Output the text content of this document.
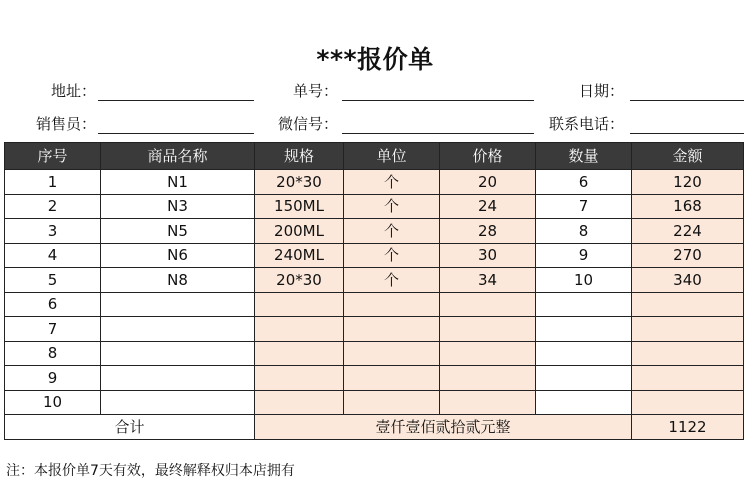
***报价单
地址：	单号：	日期：
销售员：	微信号：	联系电话：
序号	商品名称	规格	单位	价格	数量	金额
1	N1	20*30	个	20	6	120
2	N3	150ML	个	24	7	168
3	N5	200ML	个	28	8	224
4	N6	240ML	个	30	9	270
5	N8	20*30	个	34	10	340
6						
7						
8						
9						
10						
合计		壹仟壹佰贰拾贰元整				1122
注：本报价单7天有效，最终解释权归本店拥有
